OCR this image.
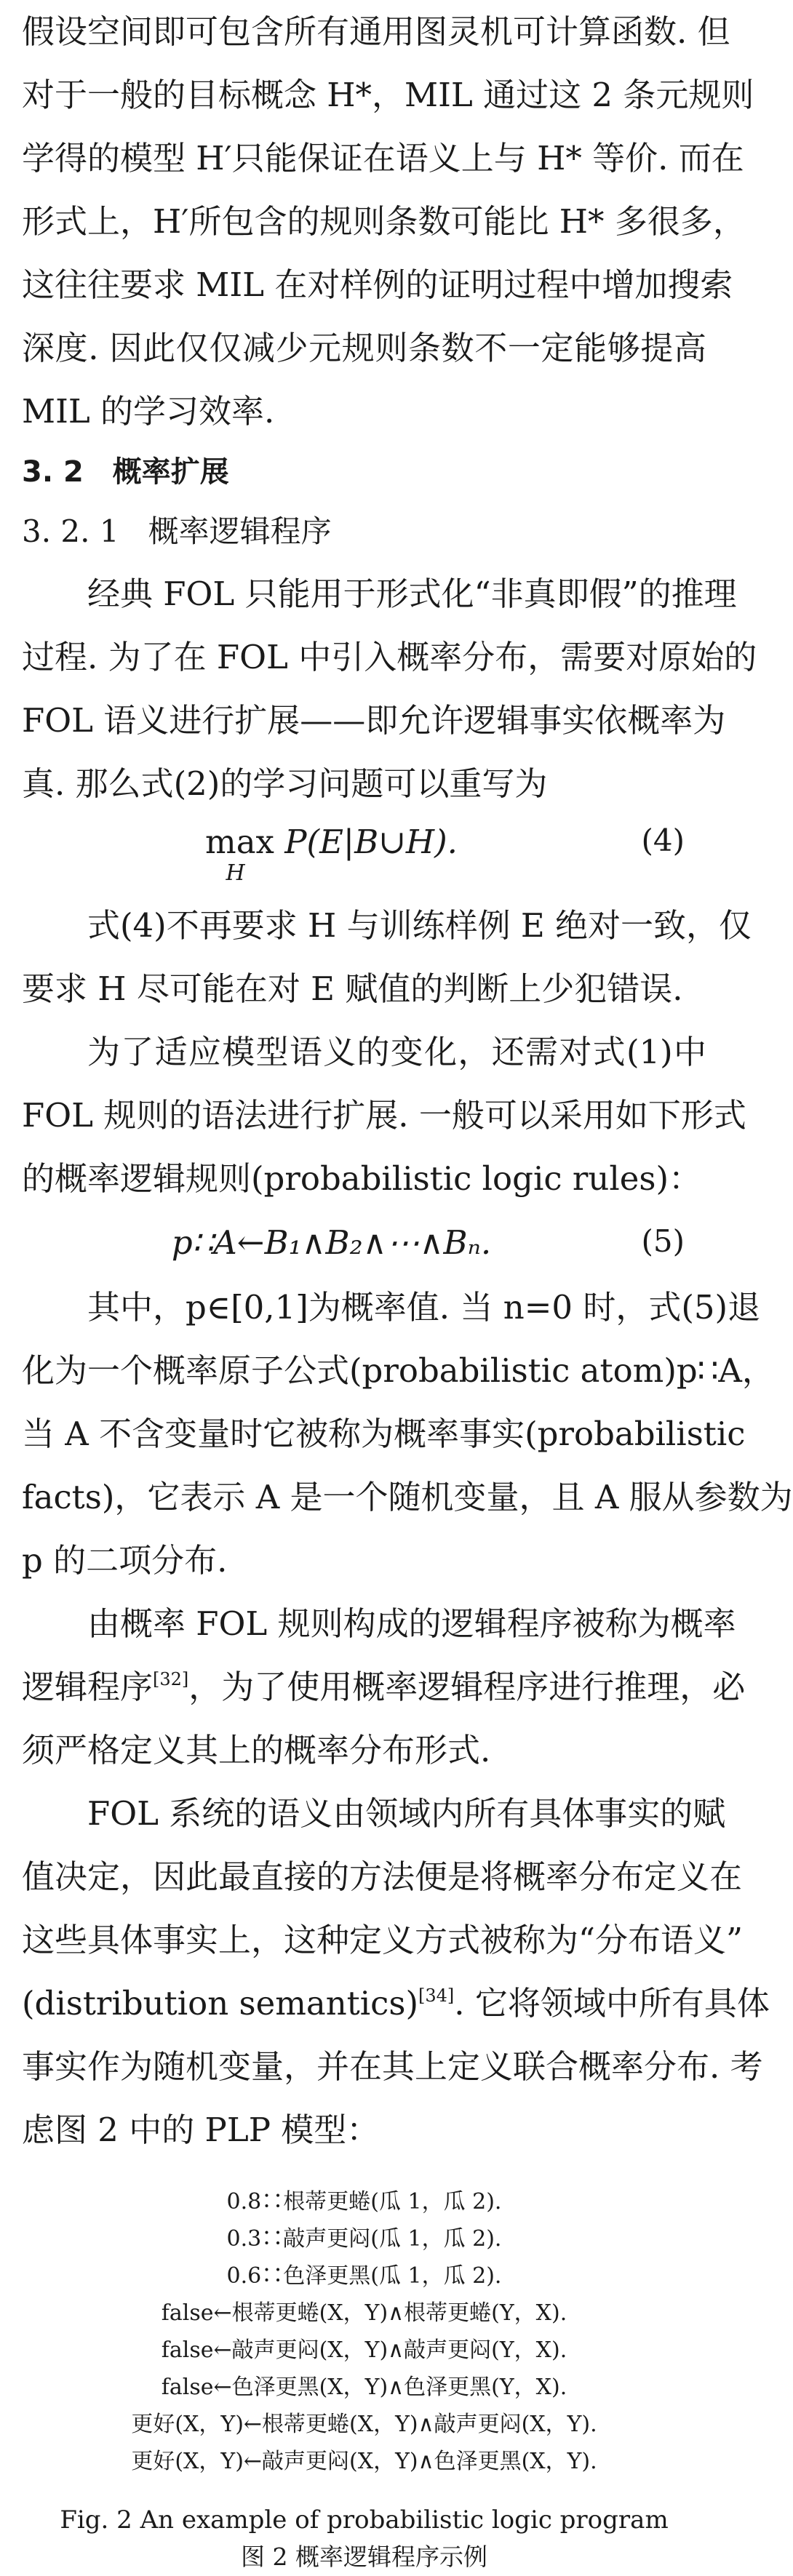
假设空间即可包含所有通用图灵机可计算函数. 但
对于一般的目标概念 H*，MIL 通过这 2 条元规则
学得的模型 H′只能保证在语义上与 H* 等价. 而在
形式上，H′所包含的规则条数可能比 H* 多很多，
这往往要求 MIL 在对样例的证明过程中增加搜索
深度. 因此仅仅减少元规则条数不一定能够提高
MIL 的学习效率.
3. 2 概率扩展
3. 2. 1 概率逻辑程序
经典 FOL 只能用于形式化“非真即假”的推理
过程. 为了在 FOL 中引入概率分布，需要对原始的
FOL 语义进行扩展——即允许逻辑事实依概率为
真. 那么式(2)的学习问题可以重写为
max
H
P(E|B∪H).	(4)
式(4)不再要求 H 与训练样例 E 绝对一致，仅
要求 H 尽可能在对 E 赋值的判断上少犯错误.
为了适应模型语义的变化，还需对式(1)中
FOL 规则的语法进行扩展. 一般可以采用如下形式
的概率逻辑规则(probabilistic logic rules)：
p∷A←B₁∧B₂∧⋯∧Bₙ.	(5)
其中，p∈[0,1]为概率值. 当 n=0 时，式(5)退
化为一个概率原子公式(probabilistic atom)p∷A，
当 A 不含变量时它被称为概率事实(probabilistic
facts)，它表示 A 是一个随机变量，且 A 服从参数为
p 的二项分布.
由概率 FOL 规则构成的逻辑程序被称为概率
逻辑程序[32]，为了使用概率逻辑程序进行推理，必
须严格定义其上的概率分布形式.
FOL 系统的语义由领域内所有具体事实的赋
值决定，因此最直接的方法便是将概率分布定义在
这些具体事实上，这种定义方式被称为“分布语义”
(distribution semantics)[34]. 它将领域中所有具体
事实作为随机变量，并在其上定义联合概率分布. 考
虑图 2 中的 PLP 模型：
0.8∷根蒂更蜷(瓜 1，瓜 2).
0.3∷敲声更闷(瓜 1，瓜 2).
0.6∷色泽更黑(瓜 1，瓜 2).
false←根蒂更蜷(X，Y)∧根蒂更蜷(Y，X).
false←敲声更闷(X，Y)∧敲声更闷(Y，X).
false←色泽更黑(X，Y)∧色泽更黑(Y，X).
更好(X，Y)←根蒂更蜷(X，Y)∧敲声更闷(X，Y).
更好(X，Y)←敲声更闷(X，Y)∧色泽更黑(X，Y).
Fig. 2 An example of probabilistic logic program
图 2 概率逻辑程序示例
